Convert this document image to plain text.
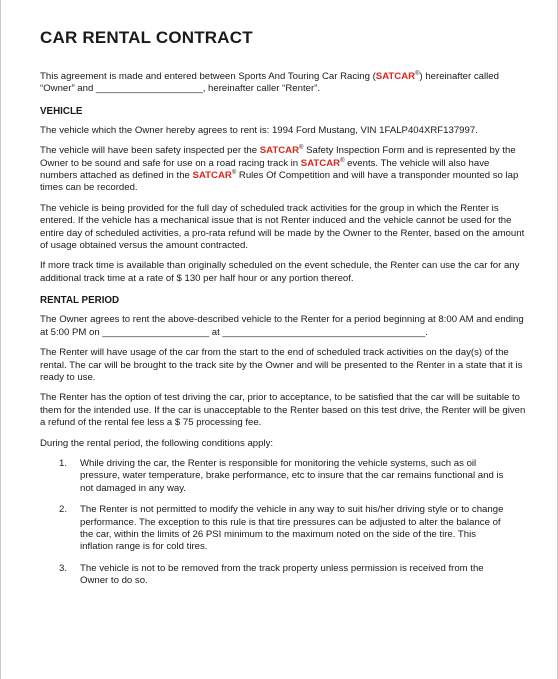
CAR RENTAL CONTRACT

This agreement is made and entered between Sports And Touring Car Racing (SATCAR®) hereinafter called “Owner” and ____________________, hereinafter caller “Renter”.

VEHICLE

The vehicle which the Owner hereby agrees to rent is: 1994 Ford Mustang, VIN 1FALP404XRF137997.

The vehicle will have been safety inspected per the SATCAR® Safety Inspection Form and is represented by the Owner to be sound and safe for use on a road racing track in SATCAR® events. The vehicle will also have numbers attached as defined in the SATCAR® Rules Of Competition and will have a transponder mounted so lap times can be recorded.

The vehicle is being provided for the full day of scheduled track activities for the group in which the Renter is entered. If the vehicle has a mechanical issue that is not Renter induced and the vehicle cannot be used for the entire day of scheduled activities, a pro-rata refund will be made by the Owner to the Renter, based on the amount of usage obtained versus the amount contracted.

If more track time is available than originally scheduled on the event schedule, the Renter can use the car for any additional track time at a rate of $ 130 per half hour or any portion thereof.

RENTAL PERIOD

The Owner agrees to rent the above-described vehicle to the Renter for a period beginning at 8:00 AM and ending at 5:00 PM on ____________________ at ______________________________________.

The Renter will have usage of the car from the start to the end of scheduled track activities on the day(s) of the rental. The car will be brought to the track site by the Owner and will be presented to the Renter in a state that it is ready to use.

The Renter has the option of test driving the car, prior to acceptance, to be satisfied that the car will be suitable to them for the intended use. If the car is unacceptable to the Renter based on this test drive, the Renter will be given a refund of the rental fee less a $ 75 processing fee.

During the rental period, the following conditions apply:

1.	While driving the car, the Renter is responsible for monitoring the vehicle systems, such as oil pressure, water temperature, brake performance, etc to insure that the car remains functional and is not damaged in any way.
2.	The Renter is not permitted to modify the vehicle in any way to suit his/her driving style or to change performance. The exception to this rule is that tire pressures can be adjusted to alter the balance of the car, within the limits of 26 PSI minimum to the maximum noted on the side of the tire. This inflation range is for cold tires.
3.	The vehicle is not to be removed from the track property unless permission is received from the Owner to do so.
